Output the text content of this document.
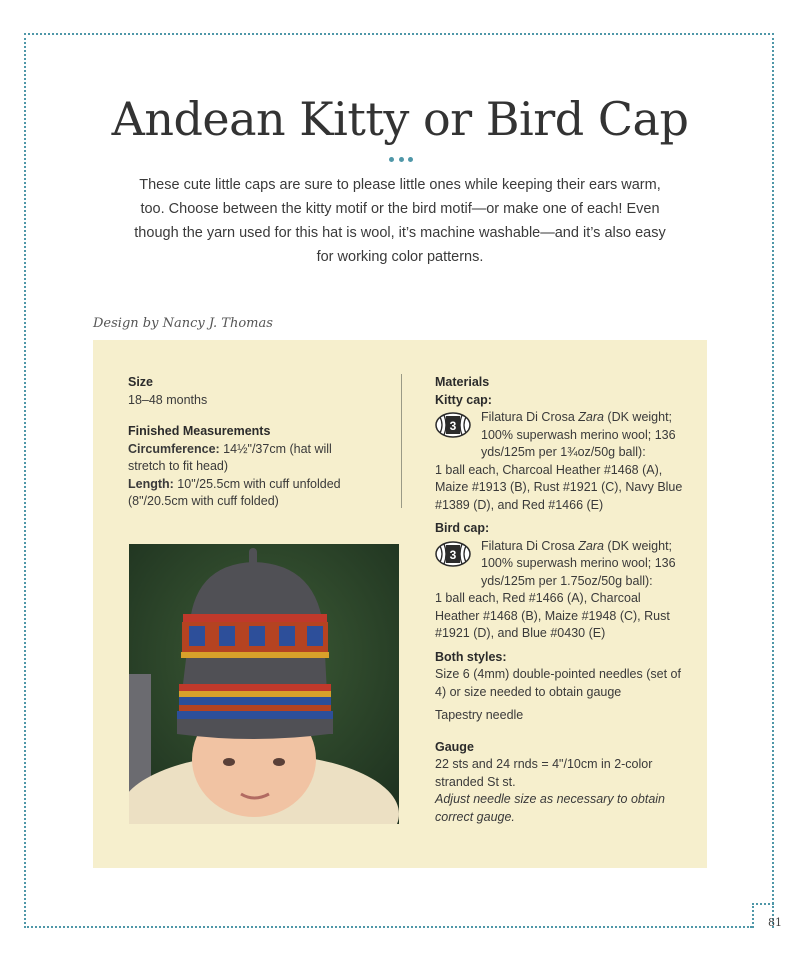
81
Andean Kitty or Bird Cap

These cute little caps are sure to please little ones while keeping their ears warm, too. Choose between the kitty motif or the bird motif—or make one of each! Even though the yarn used for this hat is wool, it’s machine washable—and it’s also easy for working color patterns.

Design by Nancy J. Thomas
Size
18–48 months
Finished Measurements
Circumference: 14½"/37cm (hat will stretch to fit head)
Length: 10"/25.5cm with cuff unfolded (8"/20.5cm with cuff folded)
Materials
Kitty cap:
3
Filatura Di Crosa Zara (DK weight; 100% superwash merino wool; 136 yds/125m per 1¾oz/50g ball):
1 ball each, Charcoal Heather #1468 (A), Maize #1913 (B), Rust #1921 (C), Navy Blue #1389 (D), and Red #1466 (E)
Bird cap:
3
Filatura Di Crosa Zara (DK weight; 100% superwash merino wool; 136 yds/125m per 1.75oz/50g ball):
1 ball each, Red #1466 (A), Charcoal Heather #1468 (B), Maize #1948 (C), Rust #1921 (D), and Blue #0430 (E)
Both styles:
Size 6 (4mm) double-pointed needles (set of 4) or size needed to obtain gauge
Tapestry needle
Gauge
22 sts and 24 rnds = 4"/10cm in 2-color stranded St st.
Adjust needle size as necessary to obtain correct gauge.
